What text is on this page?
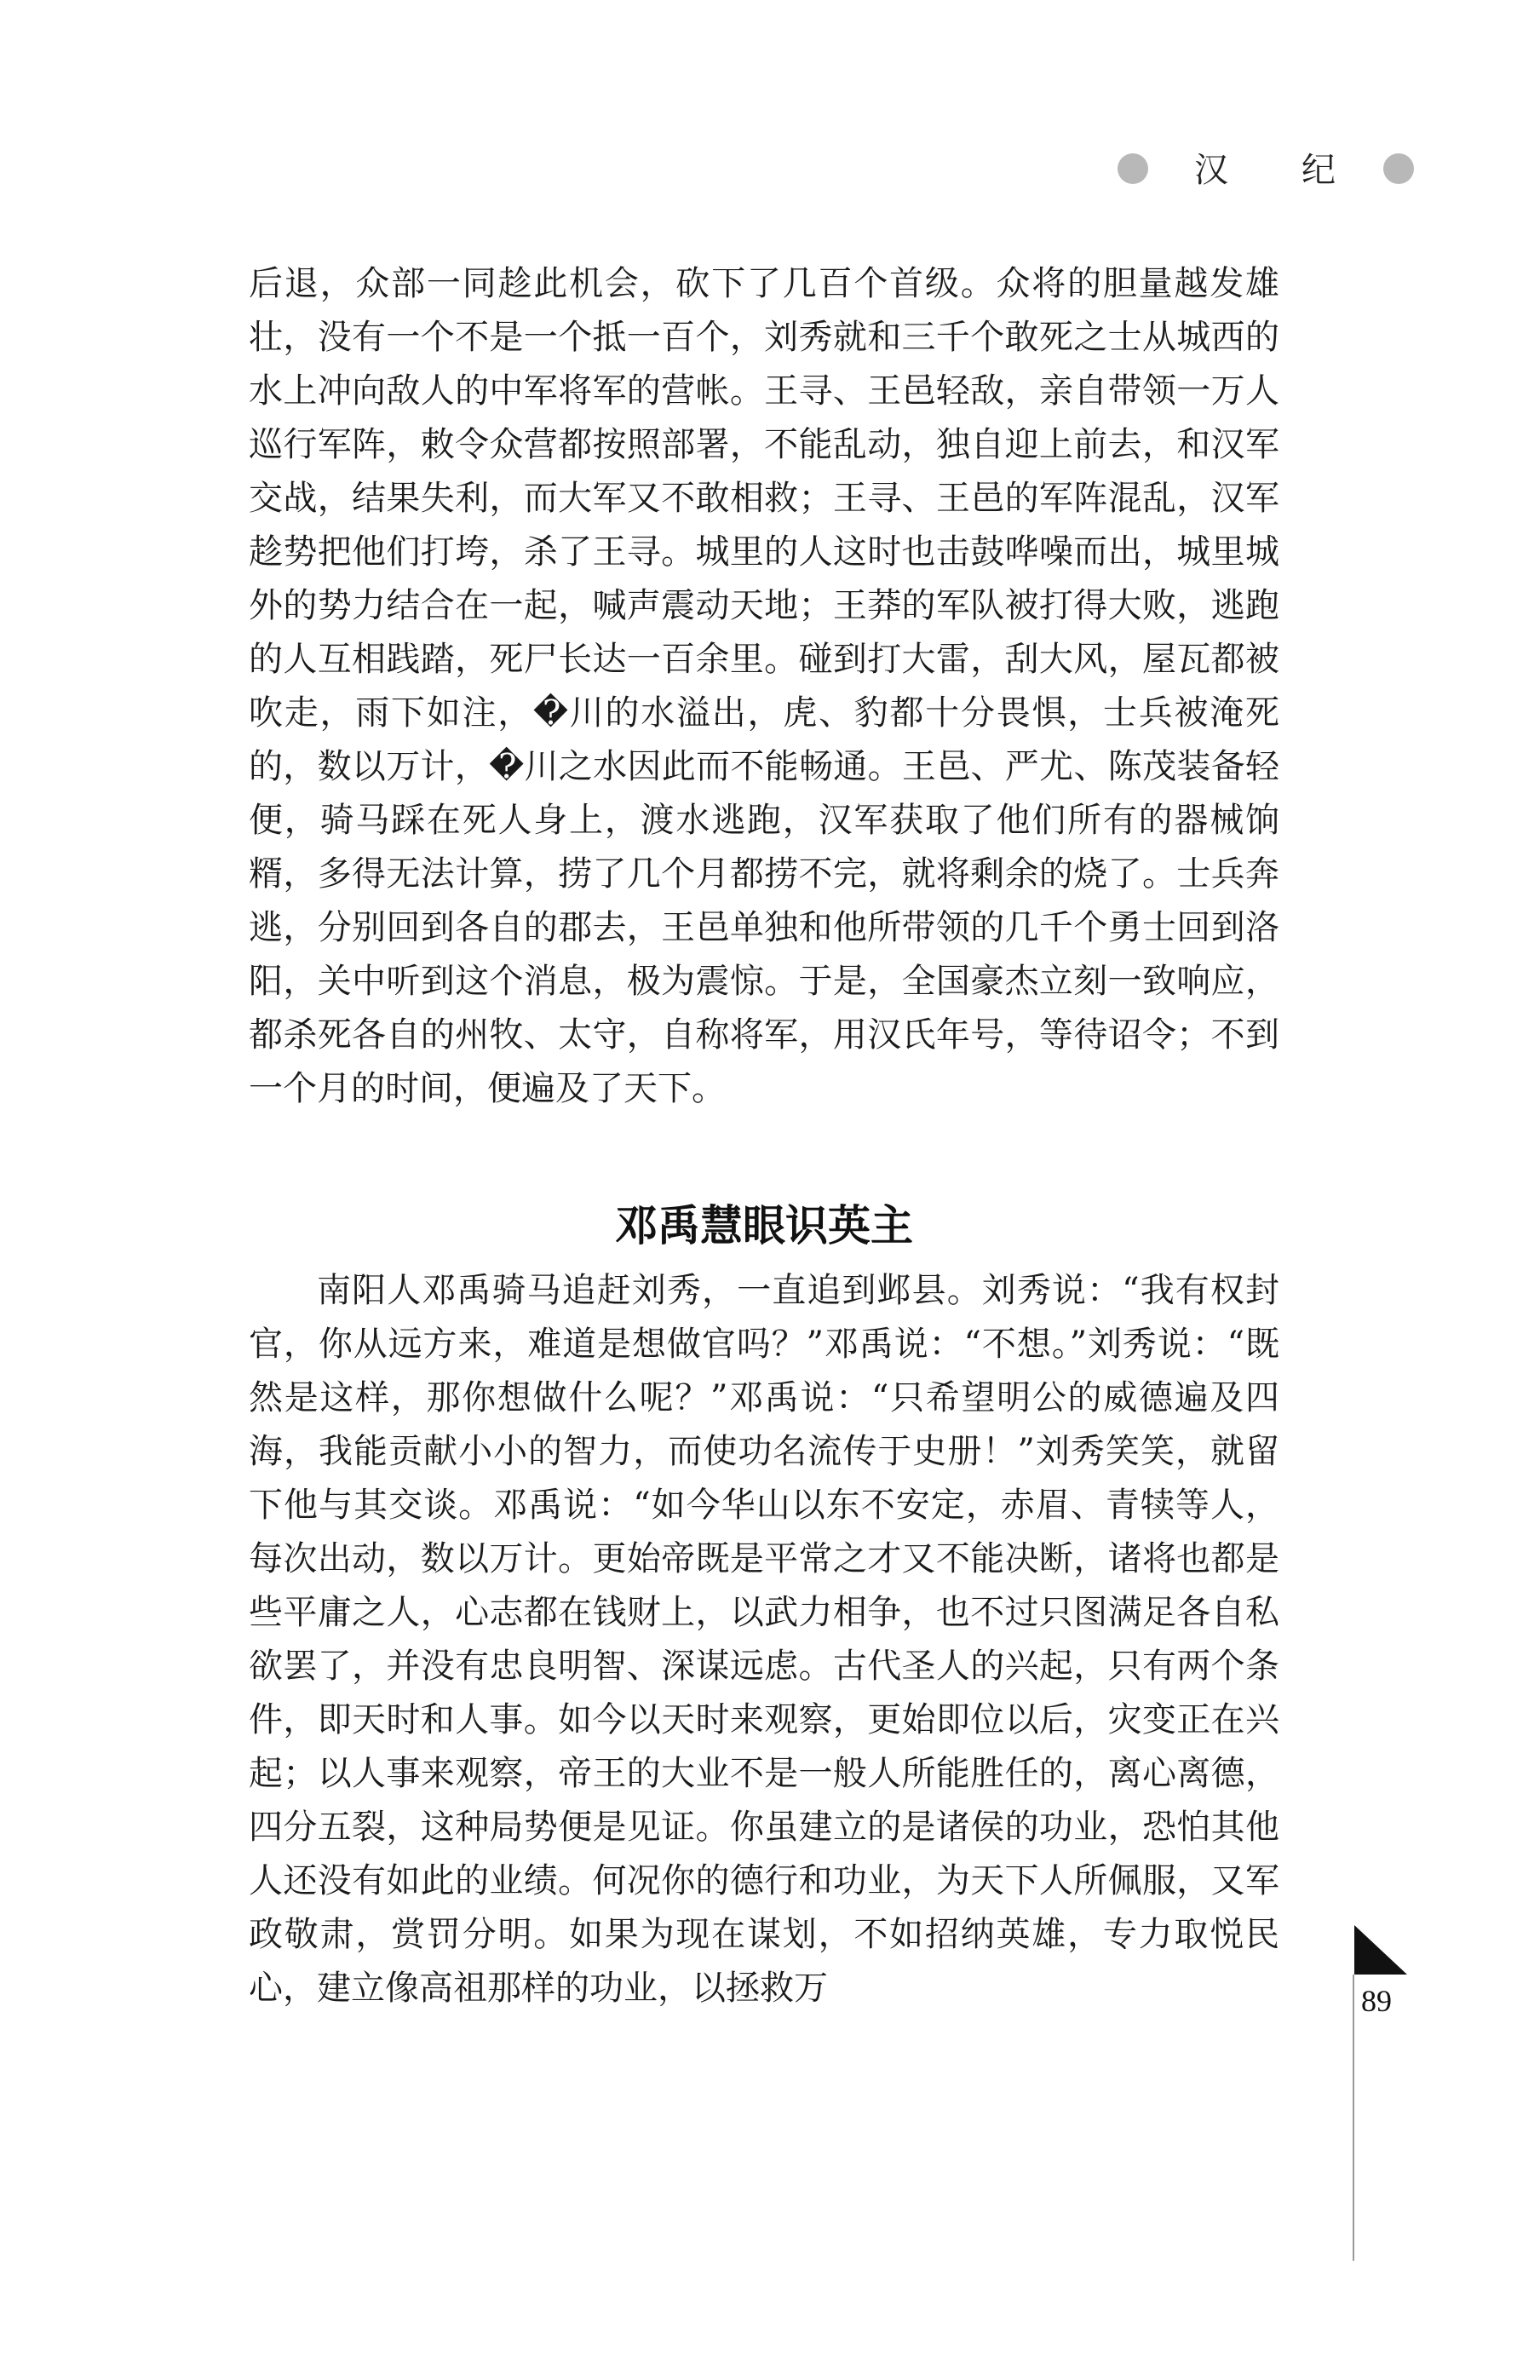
汉 纪

后退，众部一同趁此机会，砍下了几百个首级。众将的胆量越发雄壮，没有一个不是一个抵一百个，刘秀就和三千个敢死之士从城西的水上冲向敌人的中军将军的营帐。王寻、王邑轻敌，亲自带领一万人巡行军阵，敕令众营都按照部署，不能乱动，独自迎上前去，和汉军交战，结果失利，而大军又不敢相救；王寻、王邑的军阵混乱，汉军趁势把他们打垮，杀了王寻。城里的人这时也击鼓哗噪而出，城里城外的势力结合在一起，喊声震动天地；王莽的军队被打得大败，逃跑的人互相践踏，死尸长达一百余里。碰到打大雷，刮大风，屋瓦都被吹走，雨下如注，�川的水溢出，虎、豹都十分畏惧，士兵被淹死的，数以万计，�川之水因此而不能畅通。王邑、严尤、陈茂装备轻便，骑马踩在死人身上，渡水逃跑，汉军获取了他们所有的器械饷糈，多得无法计算，捞了几个月都捞不完，就将剩余的烧了。士兵奔逃，分别回到各自的郡去，王邑单独和他所带领的几千个勇士回到洛阳，关中听到这个消息，极为震惊。于是，全国豪杰立刻一致响应，都杀死各自的州牧、太守，自称将军，用汉氏年号，等待诏令；不到一个月的时间，便遍及了天下。

邓禹慧眼识英主

南阳人邓禹骑马追赶刘秀，一直追到邺县。刘秀说：“我有权封官，你从远方来，难道是想做官吗？”邓禹说：“不想。”刘秀说：“既然是这样，那你想做什么呢？”邓禹说：“只希望明公的威德遍及四海，我能贡献小小的智力，而使功名流传于史册！”刘秀笑笑，就留下他与其交谈。邓禹说：“如今华山以东不安定，赤眉、青犊等人，每次出动，数以万计。更始帝既是平常之才又不能决断，诸将也都是些平庸之人，心志都在钱财上，以武力相争，也不过只图满足各自私欲罢了，并没有忠良明智、深谋远虑。古代圣人的兴起，只有两个条件，即天时和人事。如今以天时来观察，更始即位以后，灾变正在兴起；以人事来观察，帝王的大业不是一般人所能胜任的，离心离德，四分五裂，这种局势便是见证。你虽建立的是诸侯的功业，恐怕其他人还没有如此的业绩。何况你的德行和功业，为天下人所佩服，又军政敬肃，赏罚分明。如果为现在谋划，不如招纳英雄，专力取悦民心，建立像高祖那样的功业，以拯救万	89
